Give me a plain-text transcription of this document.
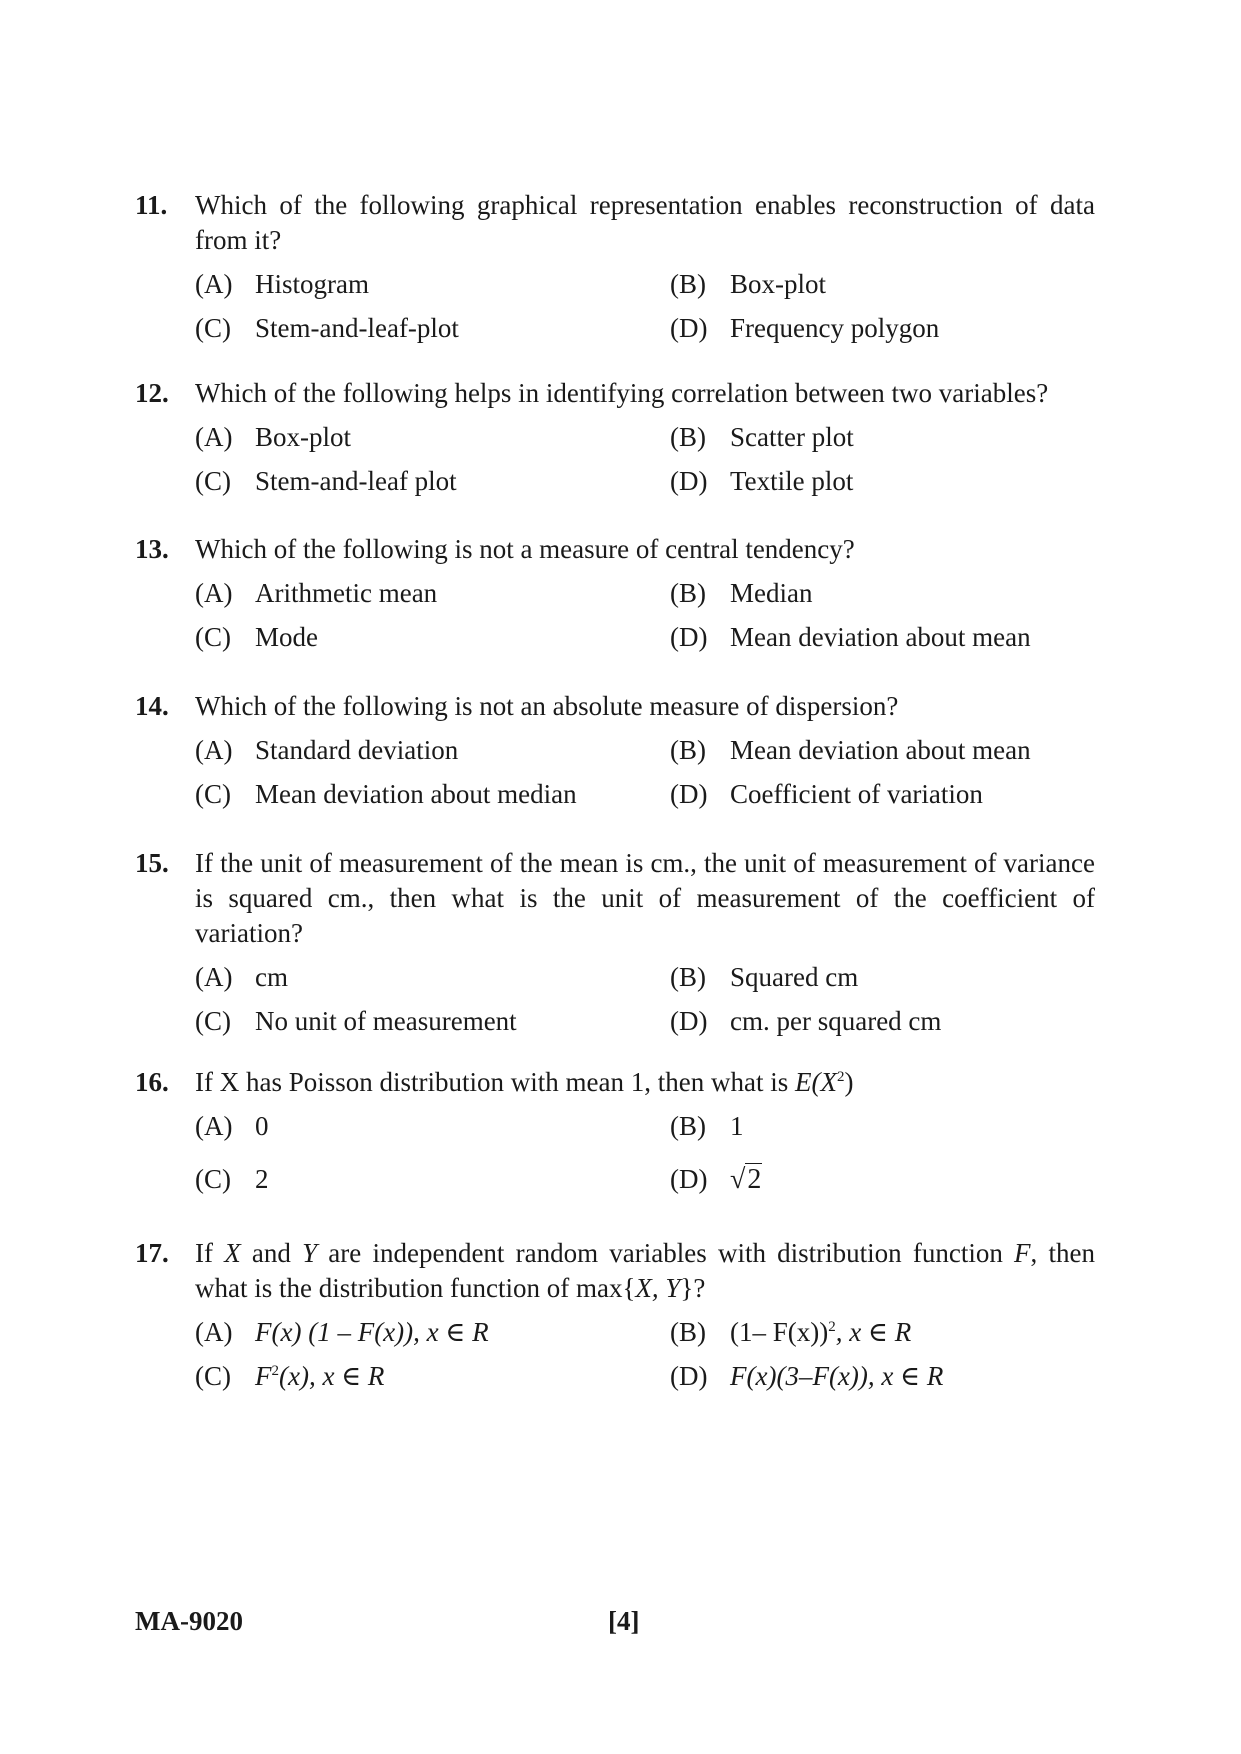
11.	Which of the following graphical representation enables reconstruction of data from it?
(A) Histogram	(B) Box-plot
(C) Stem-and-leaf-plot	(D) Frequency polygon
12. Which of the following helps in identifying correlation between two variables?
(A) Box-plot	(B) Scatter plot
(C) Stem-and-leaf plot	(D) Textile plot
13. Which of the following is not a measure of central tendency?
(A) Arithmetic mean	(B) Median
(C) Mode	(D) Mean deviation about mean
14. Which of the following is not an absolute measure of dispersion?
(A) Standard deviation	(B) Mean deviation about mean
(C) Mean deviation about median	(D) Coefficient of variation
15. If the unit of measurement of the mean is cm., the unit of measurement of variance is squared cm., then what is the unit of measurement of the coefficient of variation?
(A) cm	(B) Squared cm
(C) No unit of measurement	(D) cm. per squared cm
16. If X has Poisson distribution with mean 1, then what is $E(X^2)$
(A) 0	(B) 1
(C) 2	(D) √2
17. If X and Y are independent random variables with distribution function F, then what is the distribution function of max{X, Y}?
(A) F(x) (1 – F(x)), x ∈ R	(B) (1– F(x))$^2$, x ∈ R
(C) $F^2(x)$, x ∈ R	(D) F(x)(3–F(x)), x ∈ R
MA-9020	[4]
